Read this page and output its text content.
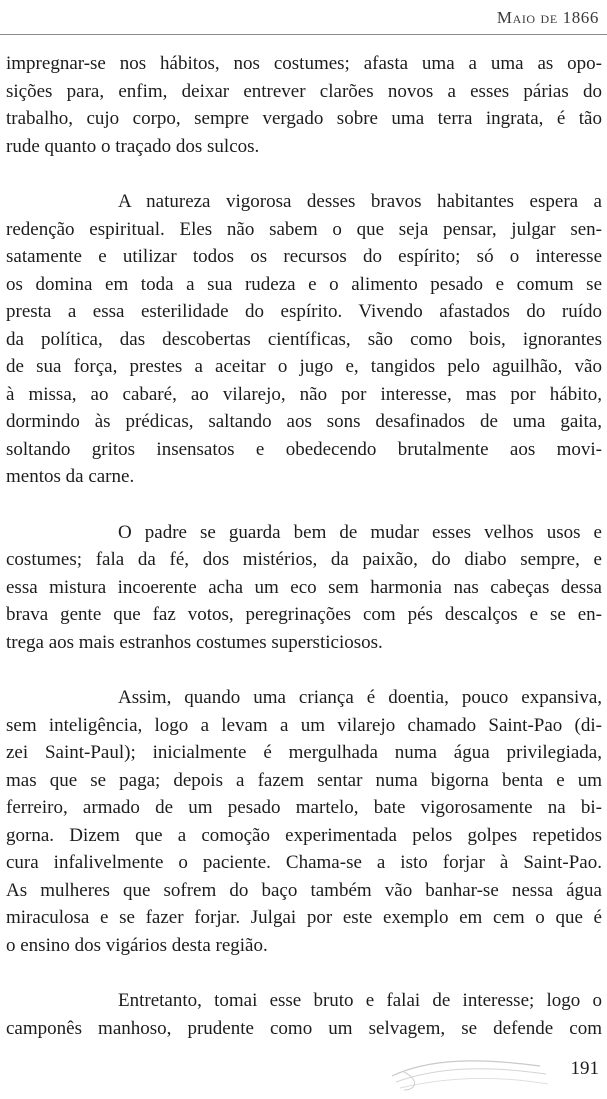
Maio de 1866
impregnar-se nos hábitos, nos costumes; afasta uma a uma as opo-
sições para, enfim, deixar entrever clarões novos a esses párias do
trabalho, cujo corpo, sempre vergado sobre uma terra ingrata, é tão
rude quanto o traçado dos sulcos.
A natureza vigorosa desses bravos habitantes espera a
redenção espiritual. Eles não sabem o que seja pensar, julgar sen-
satamente e utilizar todos os recursos do espírito; só o interesse
os domina em toda a sua rudeza e o alimento pesado e comum se
presta a essa esterilidade do espírito. Vivendo afastados do ruído
da política, das descobertas científicas, são como bois, ignorantes
de sua força, prestes a aceitar o jugo e, tangidos pelo aguilhão, vão
à missa, ao cabaré, ao vilarejo, não por interesse, mas por hábito,
dormindo às prédicas, saltando aos sons desafinados de uma gaita,
soltando gritos insensatos e obedecendo brutalmente aos movi-
mentos da carne.
O padre se guarda bem de mudar esses velhos usos e
costumes; fala da fé, dos mistérios, da paixão, do diabo sempre, e
essa mistura incoerente acha um eco sem harmonia nas cabeças dessa
brava gente que faz votos, peregrinações com pés descalços e se en-
trega aos mais estranhos costumes supersticiosos.
Assim, quando uma criança é doentia, pouco expansiva,
sem inteligência, logo a levam a um vilarejo chamado Saint-Pao (di-
zei Saint-Paul); inicialmente é mergulhada numa água privilegiada,
mas que se paga; depois a fazem sentar numa bigorna benta e um
ferreiro, armado de um pesado martelo, bate vigorosamente na bi-
gorna. Dizem que a comoção experimentada pelos golpes repetidos
cura infalivelmente o paciente. Chama-se a isto forjar à Saint-Pao.
As mulheres que sofrem do baço também vão banhar-se nessa água
miraculosa e se fazer forjar. Julgai por este exemplo em cem o que é
o ensino dos vigários desta região.
Entretanto, tomai esse bruto e falai de interesse; logo o
camponês manhoso, prudente como um selvagem, se defende com
191
